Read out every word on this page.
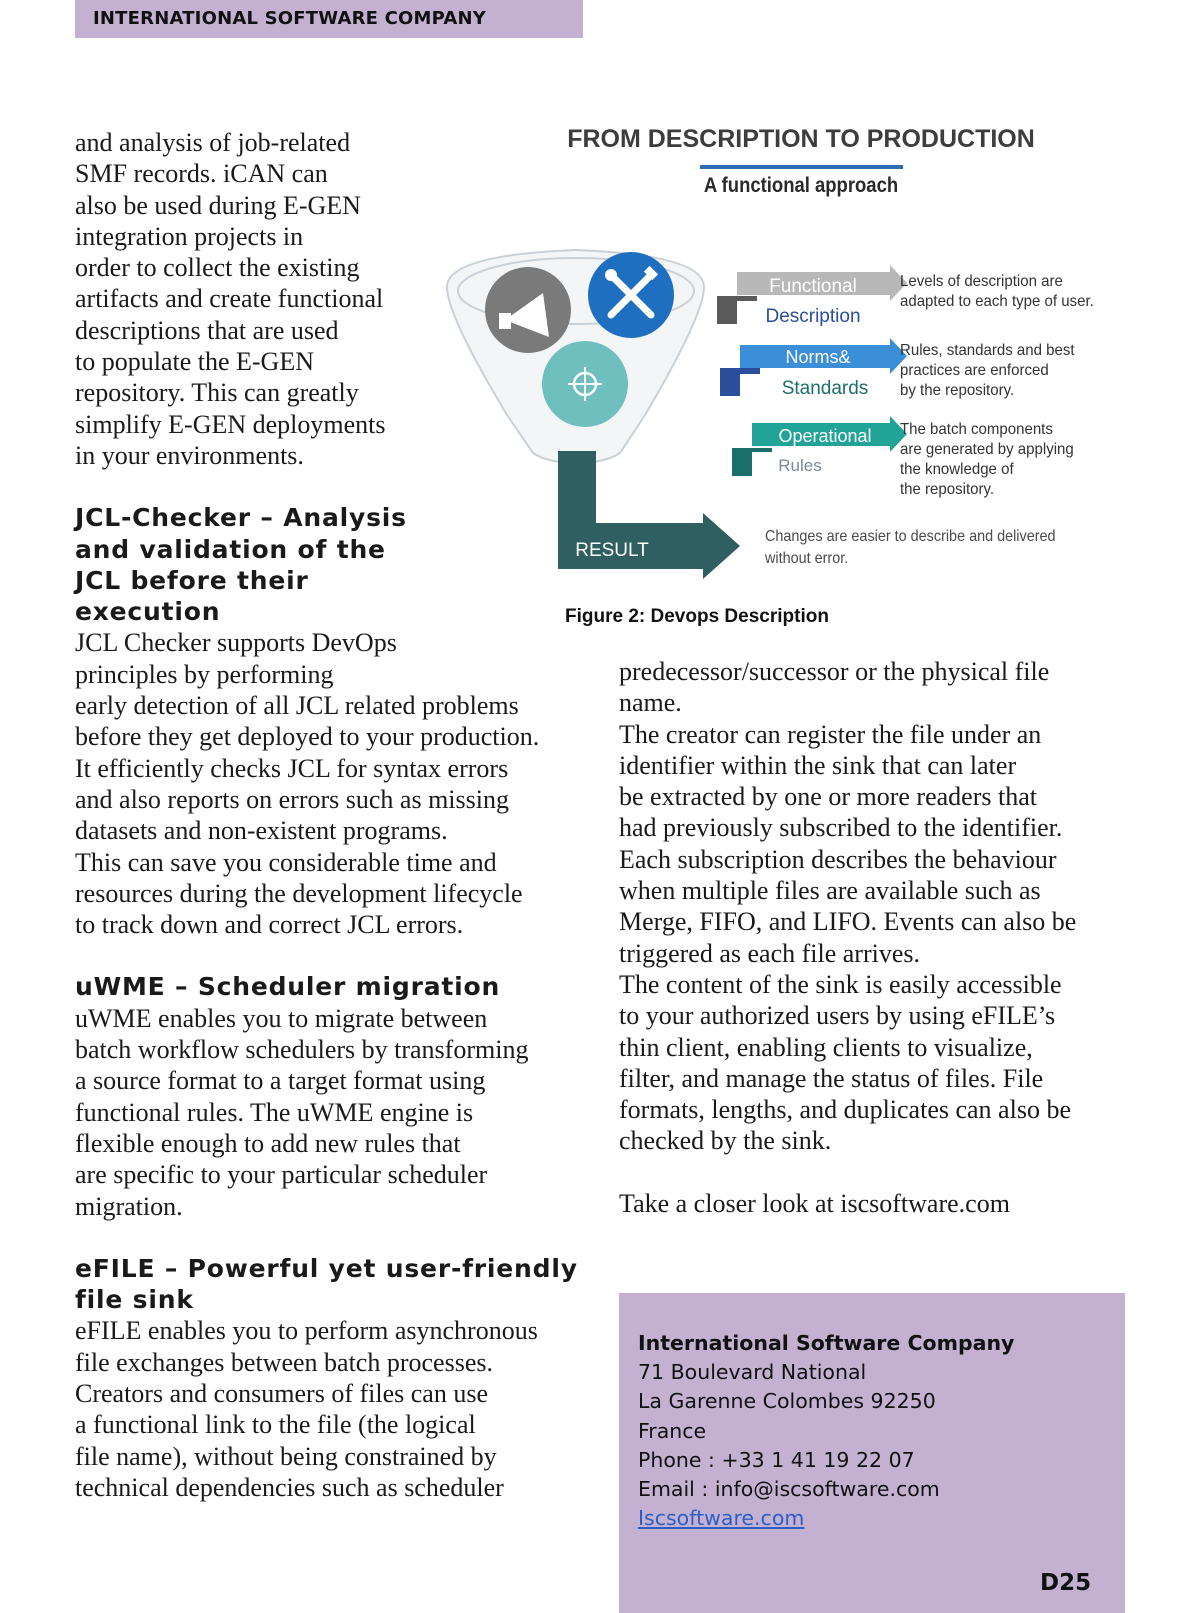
INTERNATIONAL SOFTWARE COMPANY

and analysis of job-related
SMF records. iCAN can
also be used during E-GEN
integration projects in
order to collect the existing
artifacts and create functional
descriptions that are used
to populate the E-GEN
repository. This can greatly
simplify E-GEN deployments
in your environments.

JCL-Checker – Analysis
and validation of the
JCL before their
execution

JCL Checker supports DevOps
principles by performing
early detection of all JCL related problems
before they get deployed to your production.
It efficiently checks JCL for syntax errors
and also reports on errors such as missing
datasets and non-existent programs.
This can save you considerable time and
resources during the development lifecycle
to track down and correct JCL errors.

uWME – Scheduler migration

uWME enables you to migrate between
batch workflow schedulers by transforming
a source format to a target format using
functional rules. The uWME engine is
flexible enough to add new rules that
are specific to your particular scheduler
migration.

eFILE – Powerful yet user-friendly
file sink

eFILE enables you to perform asynchronous
file exchanges between batch processes.
Creators and consumers of files can use
a functional link to the file (the logical
file name), without being constrained by
technical dependencies such as scheduler

FROM DESCRIPTION TO PRODUCTION
A functional approach
RESULT
Changes are easier to describe and delivered
without error.
Functional
Description
Levels of description are
adapted to each type of user.
Norms&
Standards
Rules, standards and best
practices are enforced
by the repository.
Operational
Rules
The batch components
are generated by applying
the knowledge of
the repository.
Figure 2: Devops Description

predecessor/successor or the physical file
name.
The creator can register the file under an
identifier within the sink that can later
be extracted by one or more readers that
had previously subscribed to the identifier.
Each subscription describes the behaviour
when multiple files are available such as
Merge, FIFO, and LIFO. Events can also be
triggered as each file arrives.
The content of the sink is easily accessible
to your authorized users by using eFILE’s
thin client, enabling clients to visualize,
filter, and manage the status of files. File
formats, lengths, and duplicates can also be
checked by the sink.

Take a closer look at iscsoftware.com

International Software Company
71 Boulevard National
La Garenne Colombes 92250
France
Phone : +33 1 41 19 22 07
Email : info@iscsoftware.com
Iscsoftware.com
D25
